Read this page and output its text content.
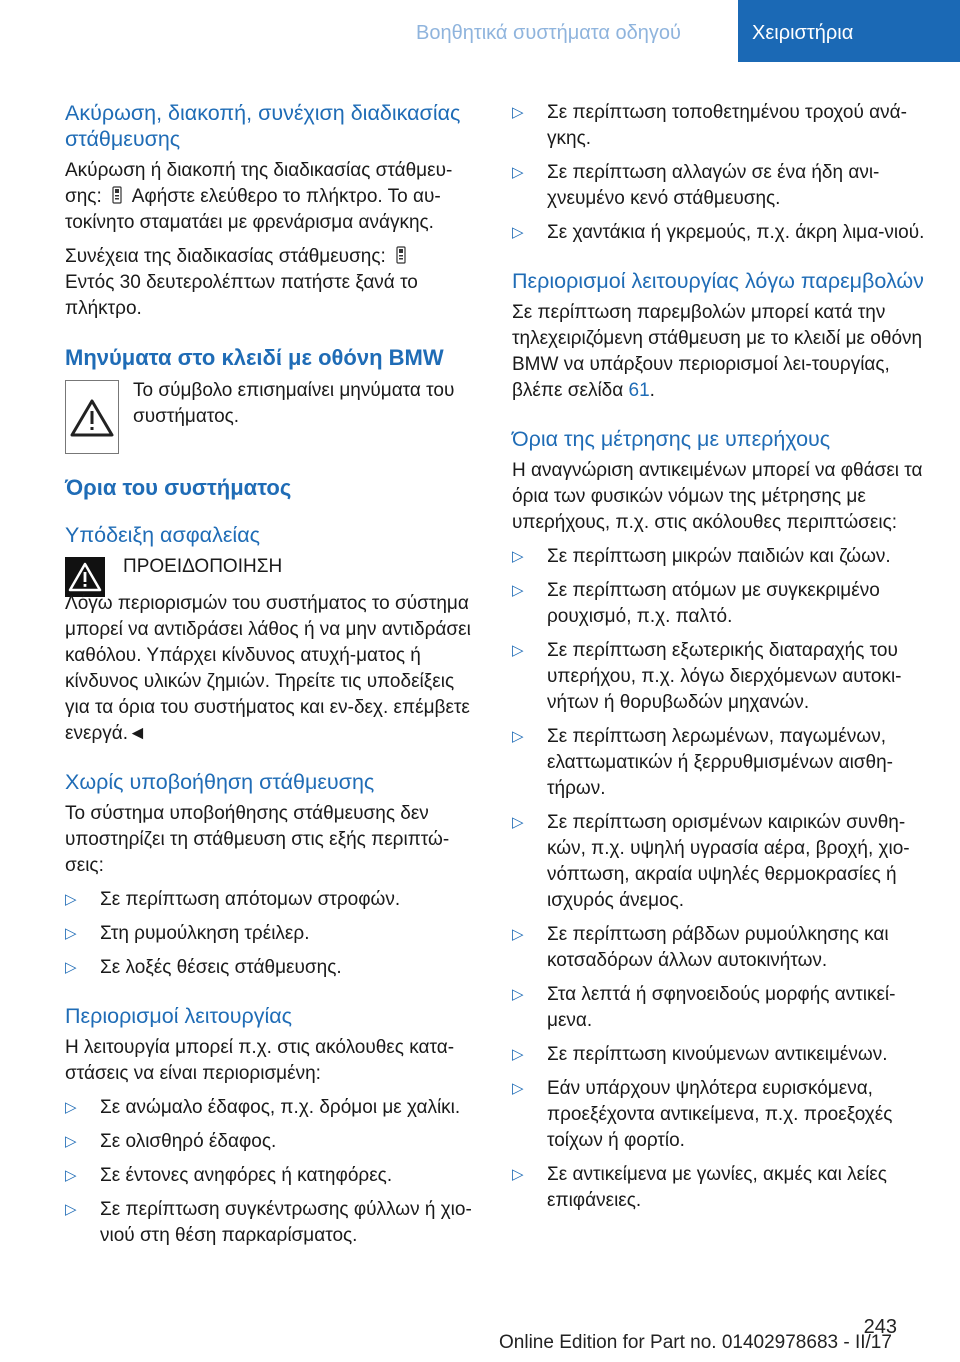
Βοηθητικά συστήματα οδηγού	Χειριστήρια
Ακύρωση, διακοπή, συνέχιση διαδικασίας στάθμευσης

Ακύρωση ή διακοπή της διαδικασίας στάθμευ‐σης: Αφήστε ελεύθερο το πλήκτρο. Το αυ‐τοκίνητο σταματάει με φρενάρισμα ανάγκης.

Συνέχεια της διαδικασίας στάθμευσης:
Εντός 30 δευτερολέπτων πατήστε ξανά το πλήκτρο.

Μηνύματα στο κλειδί με οθόνη BMW

Το σύμβολο επισημαίνει μηνύματα του συστήματος.

Όρια του συστήματος
Υπόδειξη ασφαλείας
ΠΡΟΕΙΔΟΠΟΙΗΣΗ

Λόγω περιορισμών του συστήματος το σύστημα μπορεί να αντιδράσει λάθος ή να μην αντιδράσει καθόλου. Υπάρχει κίνδυνος ατυχή‐ματος ή κίνδυνος υλικών ζημιών. Τηρείτε τις υποδείξεις για τα όρια του συστήματος και εν‐δεχ. επέμβετε ενεργά.◄

Χωρίς υποβοήθηση στάθμευσης

Το σύστημα υποβοήθησης στάθμευσης δεν υποστηρίζει τη στάθμευση στις εξής περιπτώ‐σεις:

▷ Σε περίπτωση απότομων στροφών.
▷ Στη ρυμούλκηση τρέιλερ.
▷ Σε λοξές θέσεις στάθμευσης.
Περιορισμοί λειτουργίας

Η λειτουργία μπορεί π.χ. στις ακόλουθες κατα‐στάσεις να είναι περιορισμένη:

▷ Σε ανώμαλο έδαφος, π.χ. δρόμοι με χαλίκι.
▷ Σε ολισθηρό έδαφος.
▷ Σε έντονες ανηφόρες ή κατηφόρες.
▷ Σε περίπτωση συγκέντρωσης φύλλων ή χιο‐νιού στη θέση παρκαρίσματος.
▷ Σε περίπτωση τοποθετημένου τροχού ανά‐γκης.
▷ Σε περίπτωση αλλαγών σε ένα ήδη ανι‐χνευμένο κενό στάθμευσης.
▷ Σε χαντάκια ή γκρεμούς, π.χ. άκρη λιμα‐νιού.
Περιορισμοί λειτουργίας λόγω παρεμβολών

Σε περίπτωση παρεμβολών μπορεί κατά την τηλεχειριζόμενη στάθμευση με το κλειδί με οθόνη BMW να υπάρξουν περιορισμοί λει‐τουργίας, βλέπε σελίδα 61.

Όρια της μέτρησης με υπερήχους

Η αναγνώριση αντικειμένων μπορεί να φθάσει τα όρια των φυσικών νόμων της μέτρησης με υπερήχους, π.χ. στις ακόλουθες περιπτώσεις:

▷ Σε περίπτωση μικρών παιδιών και ζώων.
▷ Σε περίπτωση ατόμων με συγκεκριμένο ρουχισμό, π.χ. παλτό.
▷ Σε περίπτωση εξωτερικής διαταραχής του υπερήχου, π.χ. λόγω διερχόμενων αυτοκι‐νήτων ή θορυβωδών μηχανών.
▷ Σε περίπτωση λερωμένων, παγωμένων, ελαττωματικών ή ξερρυθμισμένων αισθη‐τήρων.
▷ Σε περίπτωση ορισμένων καιρικών συνθη‐κών, π.χ. υψηλή υγρασία αέρα, βροχή, χιο‐νόπτωση, ακραία υψηλές θερμοκρασίες ή ισχυρός άνεμος.
▷ Σε περίπτωση ράβδων ρυμούλκησης και κοτσαδόρων άλλων αυτοκινήτων.
▷ Στα λεπτά ή σφηνοειδούς μορφής αντικεί‐μενα.
▷ Σε περίπτωση κινούμενων αντικειμένων.
▷ Εάν υπάρχουν ψηλότερα ευρισκόμενα, προεξέχοντα αντικείμενα, π.χ. προεξοχές τοίχων ή φορτίο.
▷ Σε αντικείμενα με γωνίες, ακμές και λείες επιφάνειες.
243
Online Edition for Part no. 01402978683 - II/17
